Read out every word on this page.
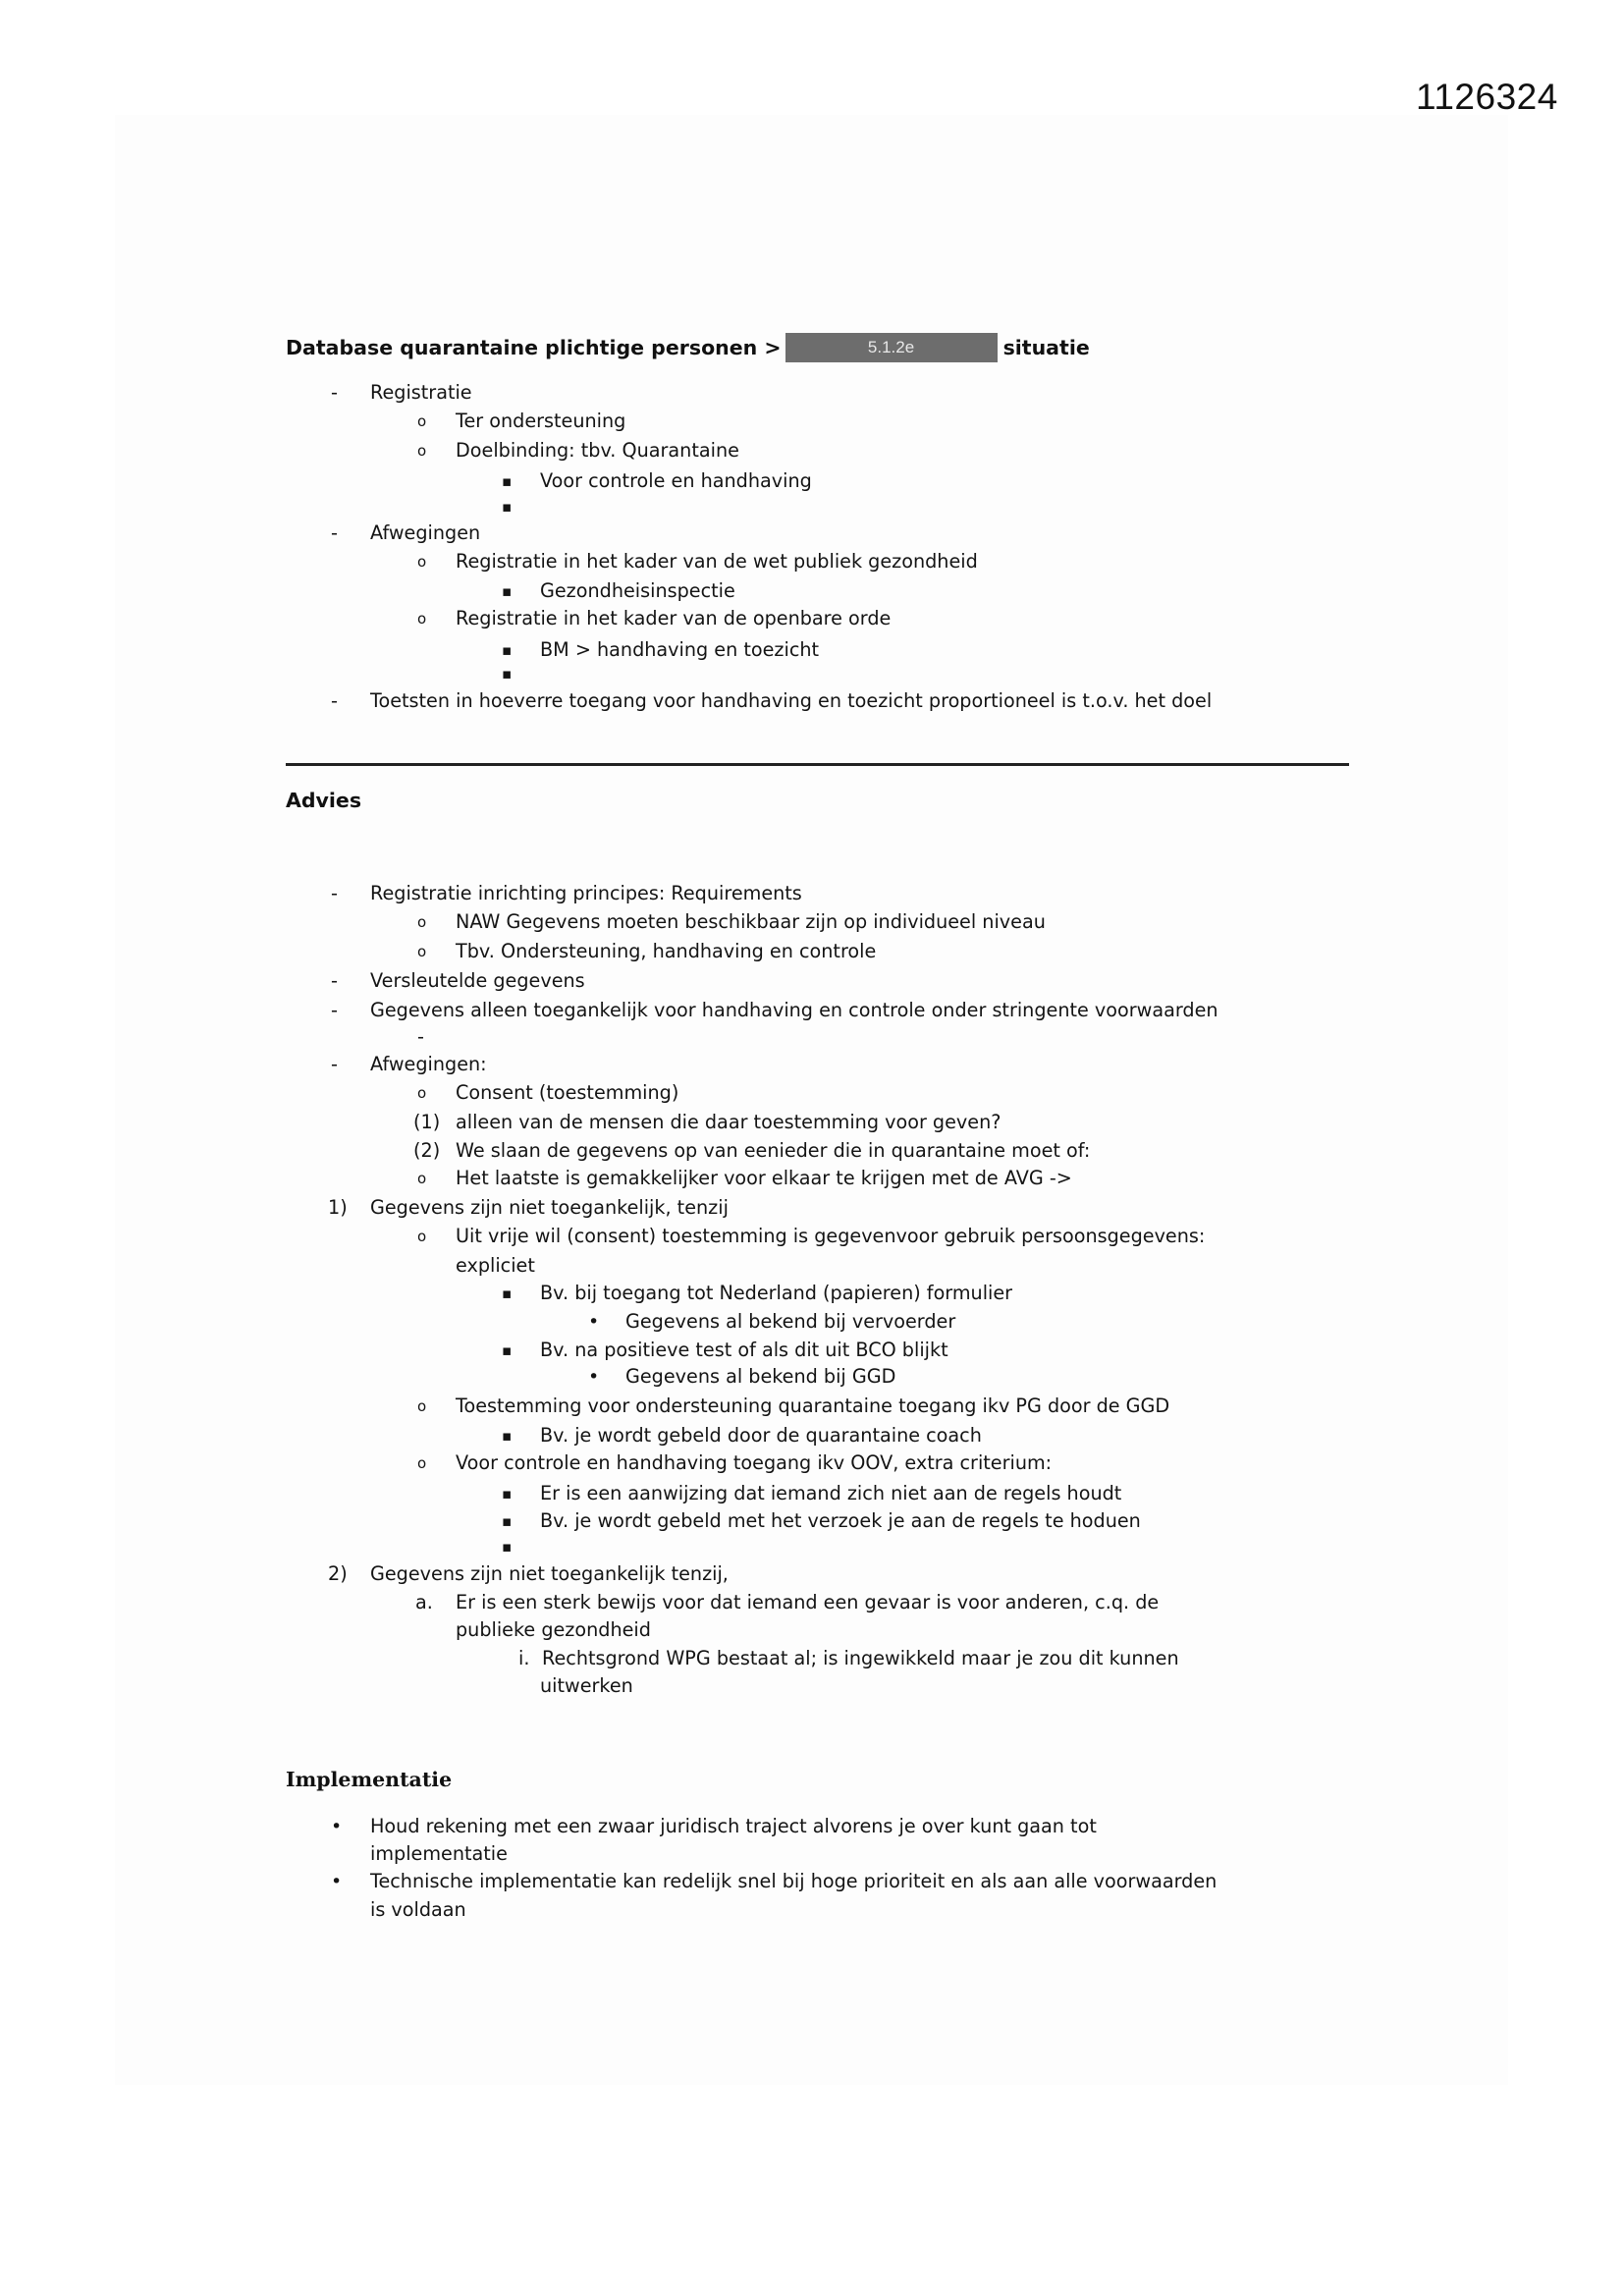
1126324
Database quarantaine plichtige personen >	5.1.2e	situatie
- Registratie
o Ter ondersteuning
o Doelbinding: tbv. Quarantaine
▪ Voor controle en handhaving
▪
- Afwegingen
o Registratie in het kader van de wet publiek gezondheid
▪ Gezondheisinspectie
o Registratie in het kader van de openbare orde
▪ BM > handhaving en toezicht
▪
- Toetsten in hoeverre toegang voor handhaving en toezicht proportioneel is t.o.v. het doel
- Registratie inrichting principes: Requirements
o NAW Gegevens moeten beschikbaar zijn op individueel niveau
o Tbv. Ondersteuning, handhaving en controle
- Versleutelde gegevens
- Gegevens alleen toegankelijk voor handhaving en controle onder stringente voorwaarden
-
- Afwegingen:
o Consent (toestemming)
(1) alleen van de mensen die daar toestemming voor geven?
(2) We slaan de gegevens op van eenieder die in quarantaine moet of:
o Het laatste is gemakkelijker voor elkaar te krijgen met de AVG ->
1) Gegevens zijn niet toegankelijk, tenzij
o Uit vrije wil (consent) toestemming is gegevenvoor gebruik persoonsgegevens:
expliciet
▪ Bv. bij toegang tot Nederland (papieren) formulier
• Gegevens al bekend bij vervoerder
▪ Bv. na positieve test of als dit uit BCO blijkt
• Gegevens al bekend bij GGD
o Toestemming voor ondersteuning quarantaine toegang ikv PG door de GGD
▪ Bv. je wordt gebeld door de quarantaine coach
o Voor controle en handhaving toegang ikv OOV, extra criterium:
▪ Er is een aanwijzing dat iemand zich niet aan de regels houdt
▪ Bv. je wordt gebeld met het verzoek je aan de regels te hoduen
▪
2) Gegevens zijn niet toegankelijk tenzij,
a. Er is een sterk bewijs voor dat iemand een gevaar is voor anderen, c.q. de
publieke gezondheid
i. Rechtsgrond WPG bestaat al; is ingewikkeld maar je zou dit kunnen
uitwerken
• Houd rekening met een zwaar juridisch traject alvorens je over kunt gaan tot
implementatie
• Technische implementatie kan redelijk snel bij hoge prioriteit en als aan alle voorwaarden
is voldaan
Advies
Implementatie
